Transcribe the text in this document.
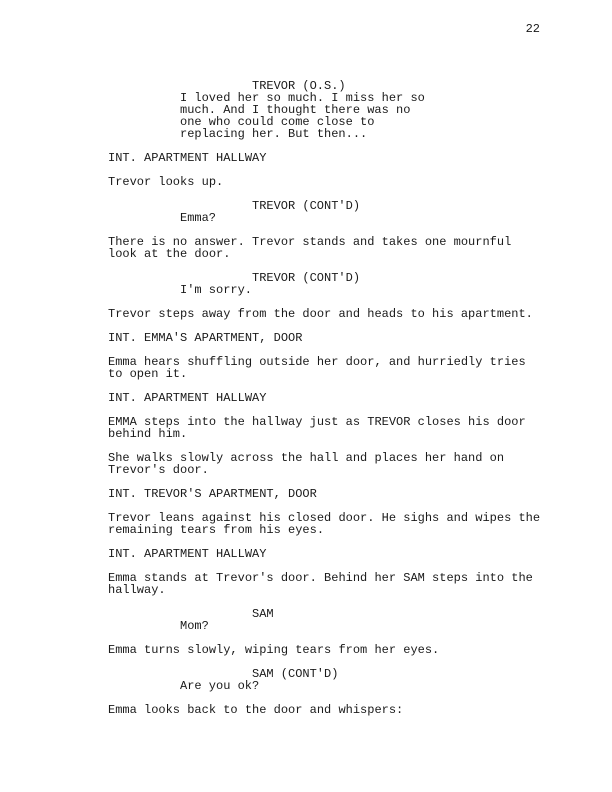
22

TREVOR (O.S.)

I loved her so much. I miss her so
much. And I thought there was no
one who could come close to
replacing her. But then...

INT. APARTMENT HALLWAY

Trevor looks up.

TREVOR (CONT'D)

Emma?

There is no answer. Trevor stands and takes one mournful
look at the door.

TREVOR (CONT'D)

I'm sorry.

Trevor steps away from the door and heads to his apartment.

INT. EMMA'S APARTMENT, DOOR

Emma hears shuffling outside her door, and hurriedly tries
to open it.

INT. APARTMENT HALLWAY

EMMA steps into the hallway just as TREVOR closes his door
behind him.

She walks slowly across the hall and places her hand on
Trevor's door.

INT. TREVOR'S APARTMENT, DOOR

Trevor leans against his closed door. He sighs and wipes the
remaining tears from his eyes.

INT. APARTMENT HALLWAY

Emma stands at Trevor's door. Behind her SAM steps into the
hallway.

SAM

Mom?

Emma turns slowly, wiping tears from her eyes.

SAM (CONT'D)

Are you ok?

Emma looks back to the door and whispers:
